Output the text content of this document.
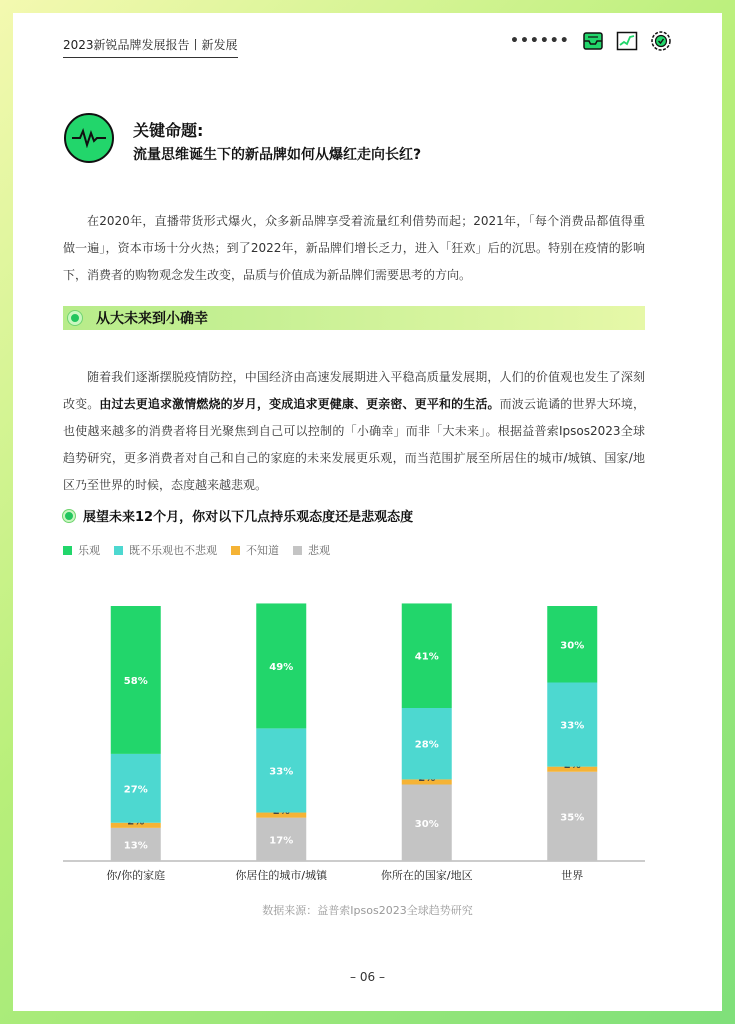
2023新锐品牌发展报告丨新发展	••••••
关键命题:
流量思维诞生下的新品牌如何从爆红走向长红?

在2020年，直播带货形式爆火，众多新品牌享受着流量红利借势而起；2021年，「每个消费品都值得重做一遍」，资本市场十分火热；到了2022年，新品牌们增长乏力，进入「狂欢」后的沉思。特别在疫情的影响下，消费者的购物观念发生改变，品质与价值成为新品牌们需要思考的方向。

从大未来到小确幸

随着我们逐渐摆脱疫情防控，中国经济由高速发展期进入平稳高质量发展期，人们的价值观也发生了深刻改变。由过去更追求激情燃烧的岁月，变成追求更健康、更亲密、更平和的生活。而波云诡谲的世界大环境，也使越来越多的消费者将目光聚焦到自己可以控制的「小确幸」而非「大未来」。根据益普索Ipsos2023全球趋势研究，更多消费者对自己和自己的家庭的未来发展更乐观，而当范围扩展至所居住的城市/城镇、国家/地区乃至世界的时候，态度越来越悲观。

展望未来12个月，你对以下几点持乐观态度还是悲观态度
乐观	既不乐观也不悲观	不知道	悲观
13%
27%
58%
你/你的家庭
17%
33%
49%
你居住的城市/城镇
30%
28%
41%
你所在的国家/地区
35%
33%
30%
世界
数据来源：益普索Ipsos2023全球趋势研究
– 06 –
